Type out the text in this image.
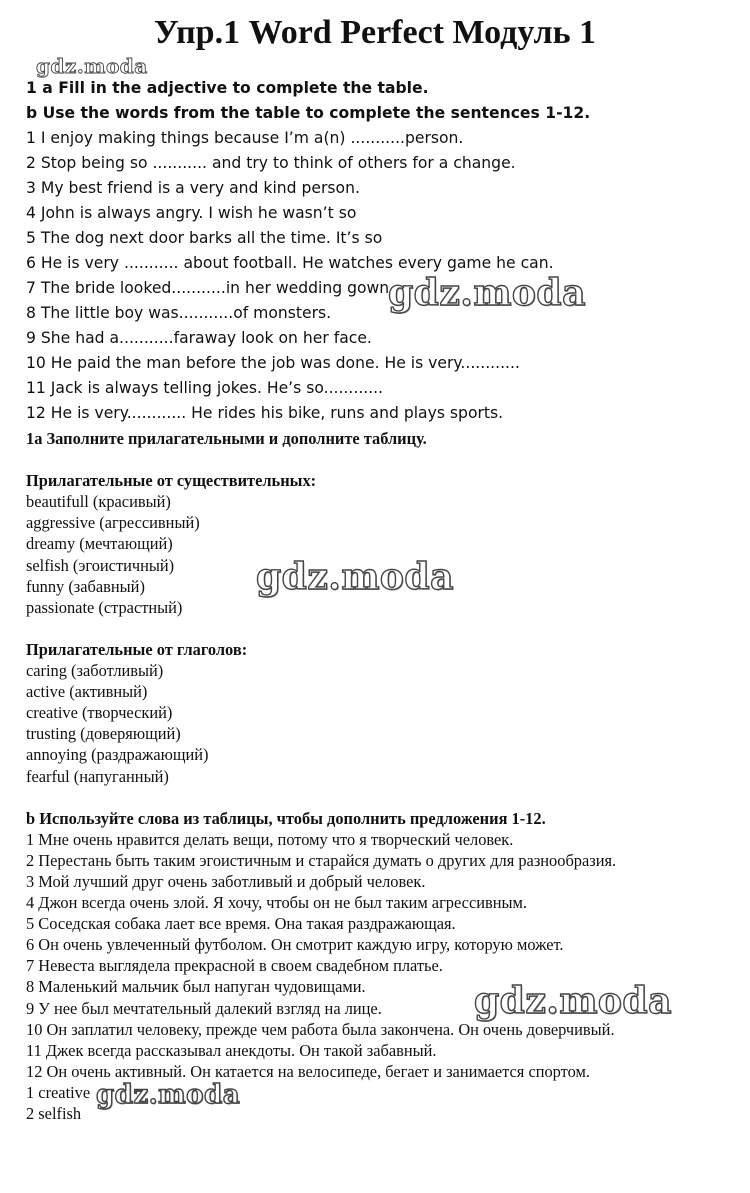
Упр.1 Word Perfect Модуль 1
1 a Fill in the adjective to complete the table.
b Use the words from the table to complete the sentences 1-12.
1 I enjoy making things because I’m a(n) ...........person.
2 Stop being so ........... and try to think of others for a change.
3 My best friend is a very and kind person.
4 John is always angry. I wish he wasn’t so
5 The dog next door barks all the time. It’s so
6 He is very ........... about football. He watches every game he can.
7 The bride looked...........in her wedding gown.
8 The little boy was...........of monsters.
9 She had a...........faraway look on her face.
10 He paid the man before the job was done. He is very............
11 Jack is always telling jokes. He’s so............
12 He is very............ He rides his bike, runs and plays sports.
1а Заполните прилагательными и дополните таблицу.
Прилагательные от существительных:
beautifull (красивый)
aggressive (агрессивный)
dreamy (мечтающий)
selfish (эгоистичный)
funny (забавный)
passionate (страстный)
Прилагательные от глаголов:
caring (заботливый)
active (активный)
creative (творческий)
trusting (доверяющий)
annoying (раздражающий)
fearful (напуганный)
b Используйте слова из таблицы, чтобы дополнить предложения 1-12.
1 Мне очень нравится делать вещи, потому что я творческий человек.
2 Перестань быть таким эгоистичным и старайся думать о других для разнообразия.
3 Мой лучший друг очень заботливый и добрый человек.
4 Джон всегда очень злой. Я хочу, чтобы он не был таким агрессивным.
5 Соседская собака лает все время. Она такая раздражающая.
6 Он очень увлеченный футболом. Он смотрит каждую игру, которую может.
7 Невеста выглядела прекрасной в своем свадебном платье.
8 Маленький мальчик был напуган чудовищами.
9 У нее был мечтательный далекий взгляд на лице.
10 Он заплатил человеку, прежде чем работа была закончена. Он очень доверчивый.
11 Джек всегда рассказывал анекдоты. Он такой забавный.
12 Он очень активный. Он катается на велосипеде, бегает и занимается спортом.
1 creative
2 selfish
gdz.moda
gdz.moda
gdz.moda
gdz.moda
gdz.moda
